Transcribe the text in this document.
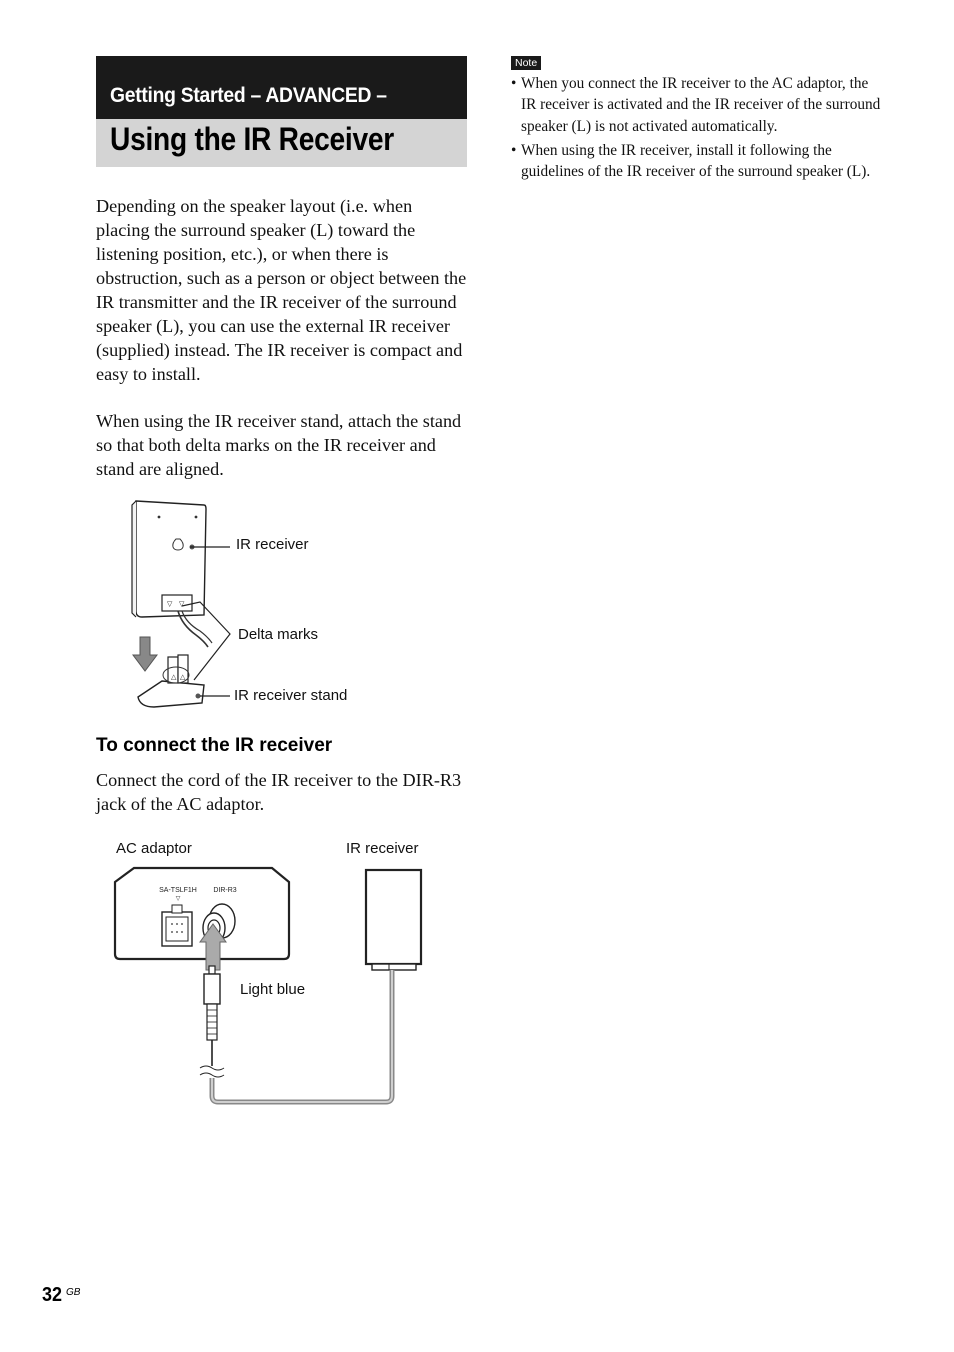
Getting Started – ADVANCED –
Using the IR Receiver
Depending on the speaker layout (i.e. when placing the surround speaker (L) toward the listening position, etc.), or when there is obstruction, such as a person or object between the IR transmitter and the IR receiver of the surround speaker (L), you can use the external IR receiver (supplied) instead. The IR receiver is compact and easy to install.
When using the IR receiver stand, attach the stand so that both delta marks on the IR receiver and stand are aligned.
▽ ▽
△ △
IR receiver
Delta marks
IR receiver stand
To connect the IR receiver
Connect the cord of the IR receiver to the DIR-R3 jack of the AC adaptor.
AC adaptor	IR receiver
▽
SA-TSLF1H DIR-R3
Light blue
Note
• When you connect the IR receiver to the AC adaptor, the IR receiver is activated and the IR receiver of the surround speaker (L) is not activated automatically.
• When using the IR receiver, install it following the guidelines of the IR receiver of the surround speaker (L).
32 GB
